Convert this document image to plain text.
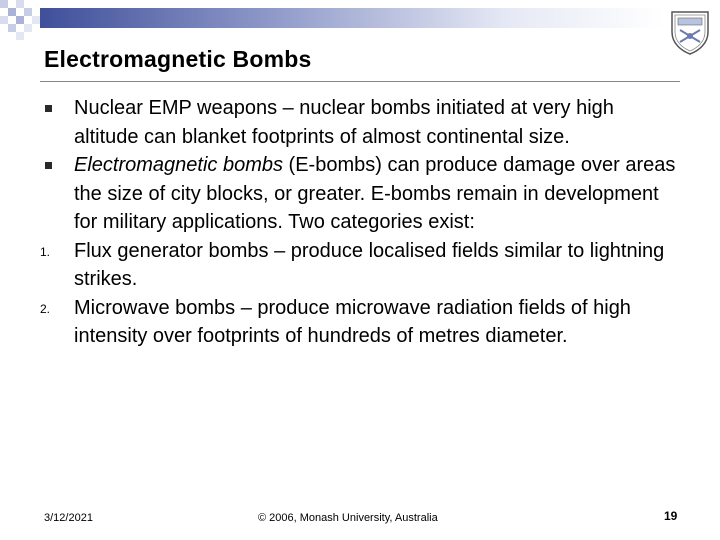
Electromagnetic Bombs
Nuclear EMP weapons – nuclear bombs initiated at very high altitude can blanket footprints of almost continental size.
Electromagnetic bombs (E-bombs) can produce damage over areas the size of city blocks, or greater. E-bombs remain in development for military applications. Two categories exist:
1. Flux generator bombs – produce localised fields similar to lightning strikes.
2. Microwave bombs – produce microwave radiation fields of high intensity over footprints of hundreds of metres diameter.
3/12/2021	© 2006, Monash University, Australia	19
